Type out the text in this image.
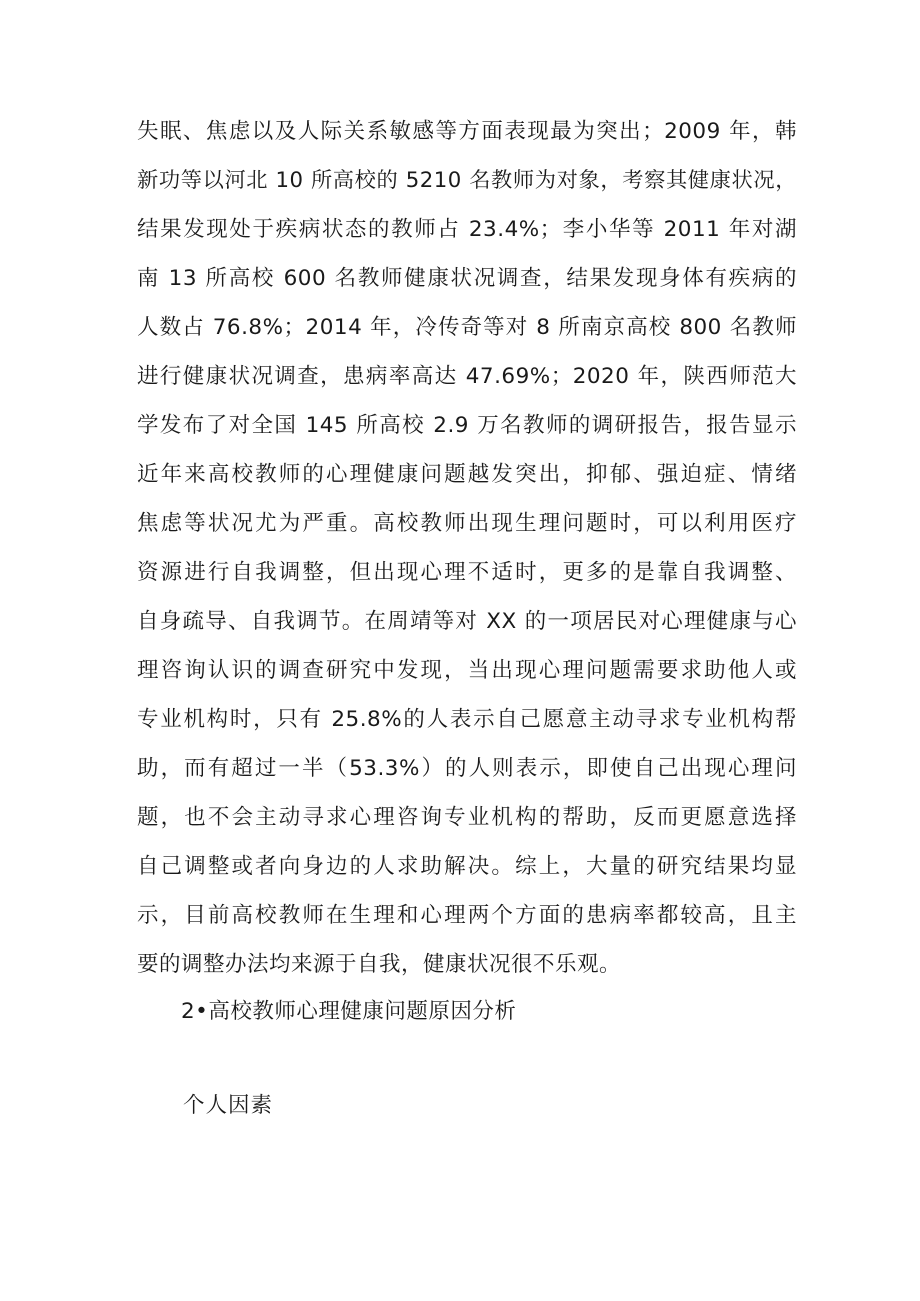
失眠、焦虑以及人际关系敏感等方面表现最为突出；2009 年，韩
新功等以河北 10 所高校的 5210 名教师为对象，考察其健康状况，
结果发现处于疾病状态的教师占 23.4%；李小华等 2011 年对湖
南 13 所高校 600 名教师健康状况调查，结果发现身体有疾病的
人数占 76.8%；2014 年，冷传奇等对 8 所南京高校 800 名教师
进行健康状况调查，患病率高达 47.69%；2020 年，陕西师范大
学发布了对全国 145 所高校 2.9 万名教师的调研报告，报告显示
近年来高校教师的心理健康问题越发突出，抑郁、强迫症、情绪
焦虑等状况尤为严重。高校教师出现生理问题时，可以利用医疗
资源进行自我调整，但出现心理不适时，更多的是靠自我调整、
自身疏导、自我调节。在周靖等对 XX 的一项居民对心理健康与心
理咨询认识的调查研究中发现，当出现心理问题需要求助他人或
专业机构时，只有 25.8%的人表示自己愿意主动寻求专业机构帮
助，而有超过一半（53.3%）的人则表示，即使自己出现心理问
题，也不会主动寻求心理咨询专业机构的帮助，反而更愿意选择
自己调整或者向身边的人求助解决。综上，大量的研究结果均显
示，目前高校教师在生理和心理两个方面的患病率都较高，且主
要的调整办法均来源于自我，健康状况很不乐观。
2•高校教师心理健康问题原因分析
个人因素
